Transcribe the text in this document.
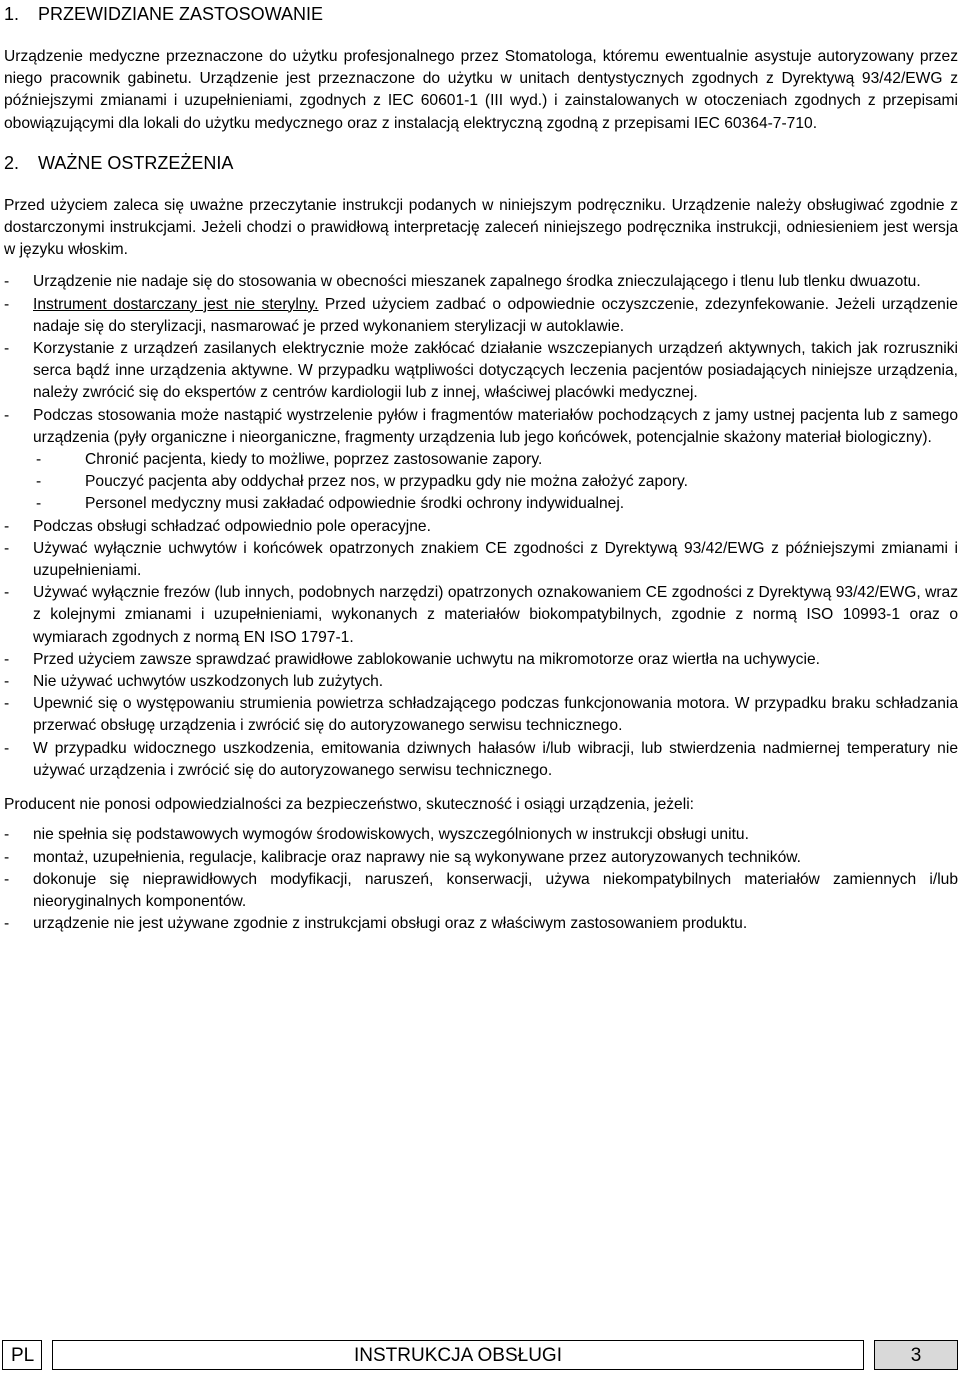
1. PRZEWIDZIANE ZASTOSOWANIE

Urządzenie medyczne przeznaczone do użytku profesjonalnego przez Stomatologa, któremu ewentualnie asystuje autoryzowany przez niego pracownik gabinetu. Urządzenie jest przeznaczone do użytku w unitach dentystycznych zgodnych z Dyrektywą 93/42/EWG z późniejszymi zmianami i uzupełnieniami, zgodnych z IEC 60601-1 (III wyd.) i zainstalowanych w otoczeniach zgodnych z przepisami obowiązującymi dla lokali do użytku medycznego oraz z instalacją elektryczną zgodną z przepisami IEC 60364-7-710.

2. WAŻNE OSTRZEŻENIA

Przed użyciem zaleca się uważne przeczytanie instrukcji podanych w niniejszym podręczniku. Urządzenie należy obsługiwać zgodnie z dostarczonymi instrukcjami. Jeżeli chodzi o prawidłową interpretację zaleceń niniejszego podręcznika instrukcji, odniesieniem jest wersja w języku włoskim.

- Urządzenie nie nadaje się do stosowania w obecności mieszanek zapalnego środka znieczulającego i tlenu lub tlenku dwuazotu.
- Instrument dostarczany jest nie sterylny. Przed użyciem zadbać o odpowiednie oczyszczenie, zdezynfekowanie. Jeżeli urządzenie nadaje się do sterylizacji, nasmarować je przed wykonaniem sterylizacji w autoklawie.
- Korzystanie z urządzeń zasilanych elektrycznie może zakłócać działanie wszczepianych urządzeń aktywnych, takich jak rozruszniki serca bądź inne urządzenia aktywne. W przypadku wątpliwości dotyczących leczenia pacjentów posiadających niniejsze urządzenia, należy zwrócić się do ekspertów z centrów kardiologii lub z innej, właściwej placówki medycznej.
- Podczas stosowania może nastąpić wystrzelenie pyłów i fragmentów materiałów pochodzących z jamy ustnej pacjenta lub z samego urządzenia (pyły organiczne i nieorganiczne, fragmenty urządzenia lub jego końcówek, potencjalnie skażony materiał biologiczny).
-	Chronić pacjenta, kiedy to możliwe, poprzez zastosowanie zapory.
-	Pouczyć pacjenta aby oddychał przez nos, w przypadku gdy nie można założyć zapory.
-	Personel medyczny musi zakładać odpowiednie środki ochrony indywidualnej.
- Podczas obsługi schładzać odpowiednio pole operacyjne.
- Używać wyłącznie uchwytów i końcówek opatrzonych znakiem CE zgodności z Dyrektywą 93/42/EWG z późniejszymi zmianami i uzupełnieniami.
- Używać wyłącznie frezów (lub innych, podobnych narzędzi) opatrzonych oznakowaniem CE zgodności z Dyrektywą 93/42/EWG, wraz z kolejnymi zmianami i uzupełnieniami, wykonanych z materiałów biokompatybilnych, zgodnie z normą ISO 10993-1 oraz o wymiarach zgodnych z normą EN ISO 1797-1.
- Przed użyciem zawsze sprawdzać prawidłowe zablokowanie uchwytu na mikromotorze oraz wiertła na uchywycie.
- Nie używać uchwytów uszkodzonych lub zużytych.
- Upewnić się o występowaniu strumienia powietrza schładzającego podczas funkcjonowania motora. W przypadku braku schładzania przerwać obsługę urządzenia i zwrócić się do autoryzowanego serwisu technicznego.
- W przypadku widocznego uszkodzenia, emitowania dziwnych hałasów i/lub wibracji, lub stwierdzenia nadmiernej temperatury nie używać urządzenia i zwrócić się do autoryzowanego serwisu technicznego.

Producent nie ponosi odpowiedzialności za bezpieczeństwo, skuteczność i osiągi urządzenia, jeżeli:

- nie spełnia się podstawowych wymogów środowiskowych, wyszczególnionych w instrukcji obsługi unitu.
- montaż, uzupełnienia, regulacje, kalibracje oraz naprawy nie są wykonywane przez autoryzowanych techników.
- dokonuje się nieprawidłowych modyfikacji, naruszeń, konserwacji, używa niekompatybilnych materiałów zamiennych i/lub nieoryginalnych komponentów.
- urządzenie nie jest używane zgodnie z instrukcjami obsługi oraz z właściwym zastosowaniem produktu.
PL	INSTRUKCJA OBSŁUGI	3
